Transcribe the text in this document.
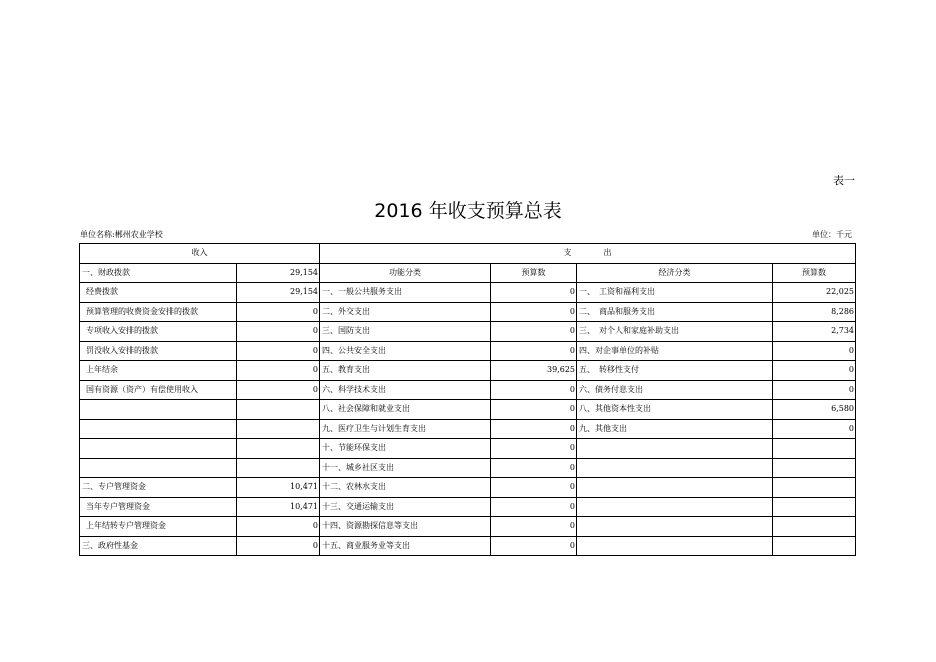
表一
2016 年收支预算总表
单位名称:郴州农业学校	单位：千元
收入		支　　　　出			
一、财政拨款	29,154	功能分类	预算数	经济分类	预算数
经费拨款	29,154	一、一般公共服务支出	0	一、　工资和福利支出	22,025
预算管理的收费资金安排的拨款	0	二、外交支出	0	二、　商品和服务支出	8,286
专项收入安排的拨款	0	三、国防支出	0	三、　对个人和家庭补助支出	2,734
罚没收入安排的拨款	0	四、公共安全支出	0	四、对企事单位的补贴	0
上年结余	0	五、教育支出	39,625	五、　转移性支付	0
国有资源（资产）有偿使用收入	0	六、科学技术支出	0	六、债务付息支出	0
		八、社会保障和就业支出	0	八、其他资本性支出	6,580
		九、医疗卫生与计划生育支出	0	九、其他支出	0
		十、节能环保支出	0		
		十一、城乡社区支出	0		
二、专户管理资金	10,471	十二、农林水支出	0		
当年专户管理资金	10,471	十三、交通运输支出	0		
上年结转专户管理资金	0	十四、资源勘探信息等支出	0		
三、政府性基金	0	十五、商业服务业等支出	0		
